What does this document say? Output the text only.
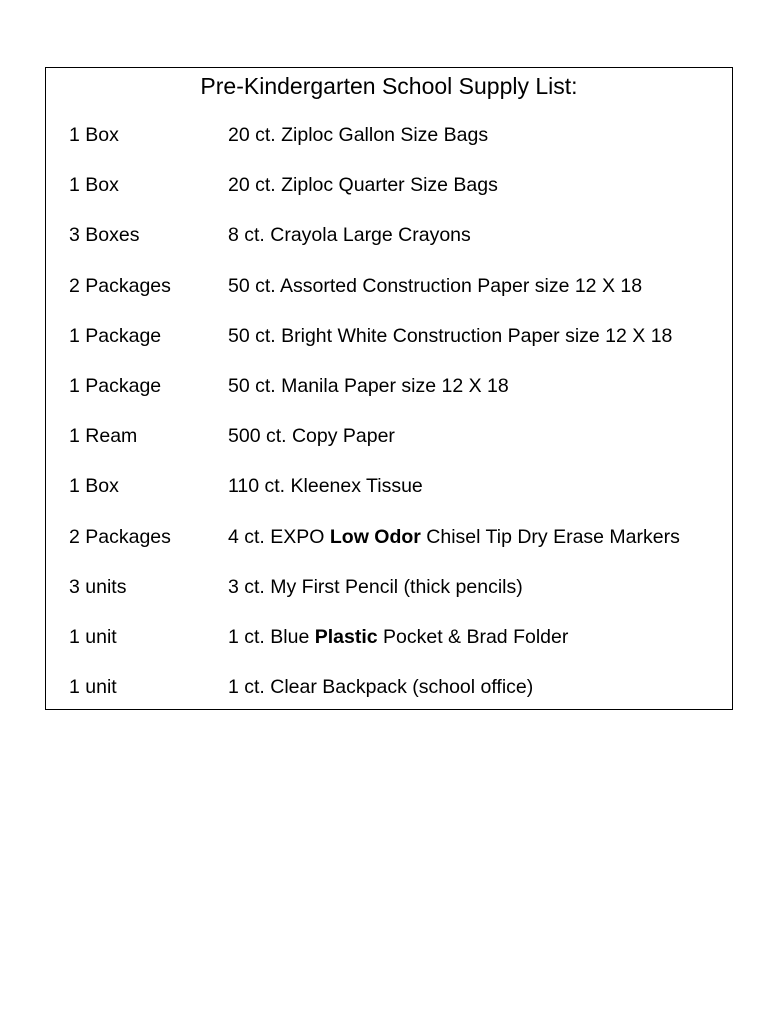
Pre-Kindergarten School Supply List:
1 Box	20 ct. Ziploc Gallon Size Bags
1 Box	20 ct. Ziploc Quarter Size Bags
3 Boxes	8 ct. Crayola Large Crayons
2 Packages	50 ct. Assorted Construction Paper size 12 X 18
1 Package	50 ct. Bright White Construction Paper size 12 X 18
1 Package	50 ct. Manila Paper size 12 X 18
1 Ream	500 ct. Copy Paper
1 Box	110 ct. Kleenex Tissue
2 Packages	4 ct. EXPO Low Odor Chisel Tip Dry Erase Markers
3 units	3 ct. My First Pencil (thick pencils)
1 unit	1 ct. Blue Plastic Pocket & Brad Folder
1 unit	1 ct. Clear Backpack (school office)
